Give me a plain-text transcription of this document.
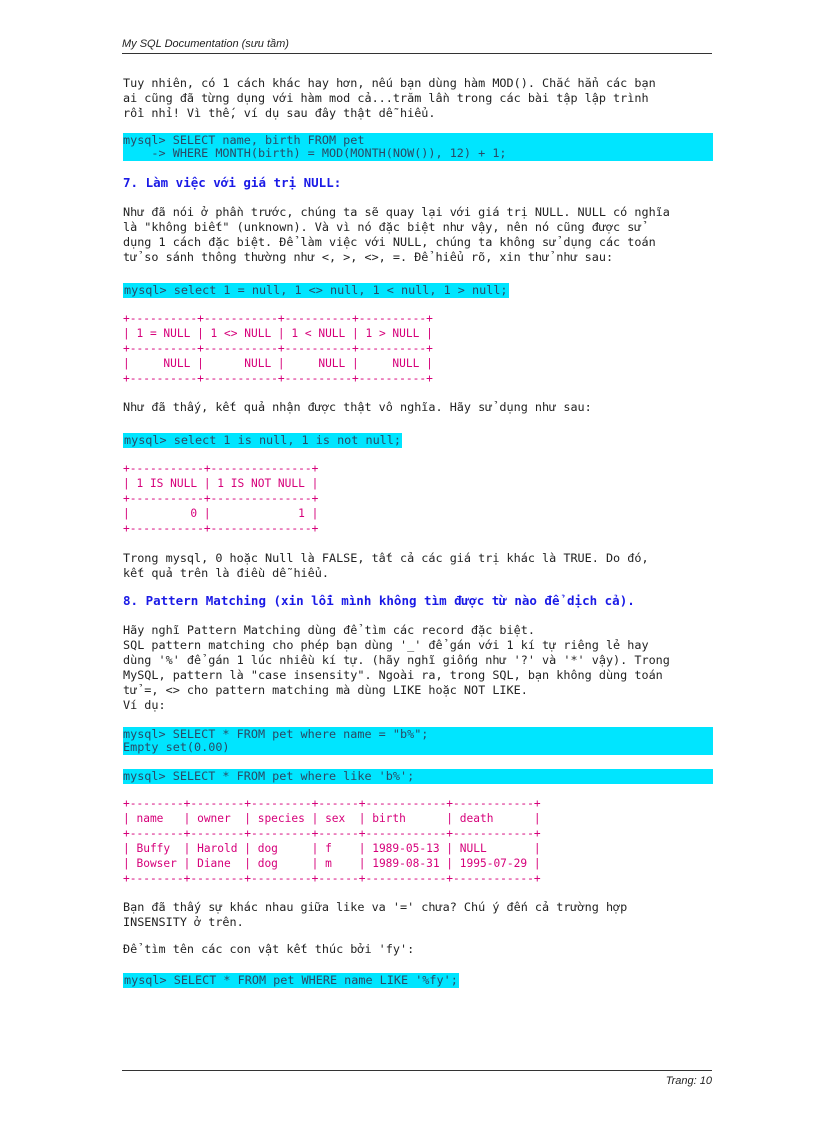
My SQL Documentation (sưu tầm)

Tuy nhiên, có 1 cách khác hay hơn, nếu bạn dùng hàm MOD(). Chắc hẳn các bạn
ai cũng đã từng dụng với hàm mod cả...trăm lần trong các bài tập lập trình
rồi nhỉ! Vì thế, ví dụ sau đây thật dễ hiểu.

mysql> SELECT name, birth FROM pet
-> WHERE MONTH(birth) = MOD(MONTH(NOW()), 12) + 1;
7. Làm việc với giá trị NULL:

Như đã nói ở phần trước, chúng ta sẽ quay lại với giá trị NULL. NULL có nghĩa
là "không biết" (unknown). Và vì nó đặc biệt như vậy, nên nó cũng được sử
dụng 1 cách đặc biệt. Để làm việc với NULL, chúng ta không sử dụng các toán
tử so sánh thông thường như <, >, <>, =. Để hiểu rõ, xin thử như sau:

mysql> select 1 = null, 1 <> null, 1 < null, 1 > null;
+----------+-----------+----------+----------+
| 1 = NULL | 1 <> NULL | 1 < NULL | 1 > NULL |
+----------+-----------+----------+----------+
|     NULL |      NULL |     NULL |     NULL |
+----------+-----------+----------+----------+

Như đã thấy, kết quả nhận được thật vô nghĩa. Hãy sử dụng như sau:

mysql> select 1 is null, 1 is not null;
+-----------+---------------+
| 1 IS NULL | 1 IS NOT NULL |
+-----------+---------------+
|         0 |             1 |
+-----------+---------------+

Trong mysql, 0 hoặc Null là FALSE, tất cả các giá trị khác là TRUE. Do đó,
kết quả trên là điều dễ hiểu.

8. Pattern Matching (xin lỗi mình không tìm được từ nào để dịch cả).

Hãy nghĩ Pattern Matching dùng để tìm các record đặc biệt.
SQL pattern matching cho phép bạn dùng '_' để gán với 1 kí tự riêng lẻ hay
dùng '%' để gán 1 lúc nhiều kí tự. (hãy nghĩ giống như '?' và '*' vậy). Trong
MySQL, pattern là "case insensity". Ngoài ra, trong SQL, bạn không dùng toán
tử =, <> cho pattern matching mà dùng LIKE hoặc NOT LIKE.
Ví dụ:

mysql> SELECT * FROM pet where name = "b%";
Empty set(0.00)
mysql> SELECT * FROM pet where like 'b%';
+--------+--------+---------+------+------------+------------+
| name   | owner  | species | sex  | birth      | death      |
+--------+--------+---------+------+------------+------------+
| Buffy  | Harold | dog     | f    | 1989-05-13 | NULL       |
| Bowser | Diane  | dog     | m    | 1989-08-31 | 1995-07-29 |
+--------+--------+---------+------+------------+------------+

Bạn đã thấy sự khác nhau giữa like va '=' chưa? Chú ý đến cả trường hợp
INSENSITY ở trên.

Để tìm tên các con vật kết thúc bởi 'fy':

mysql> SELECT * FROM pet WHERE name LIKE '%fy';
Trang: 10
